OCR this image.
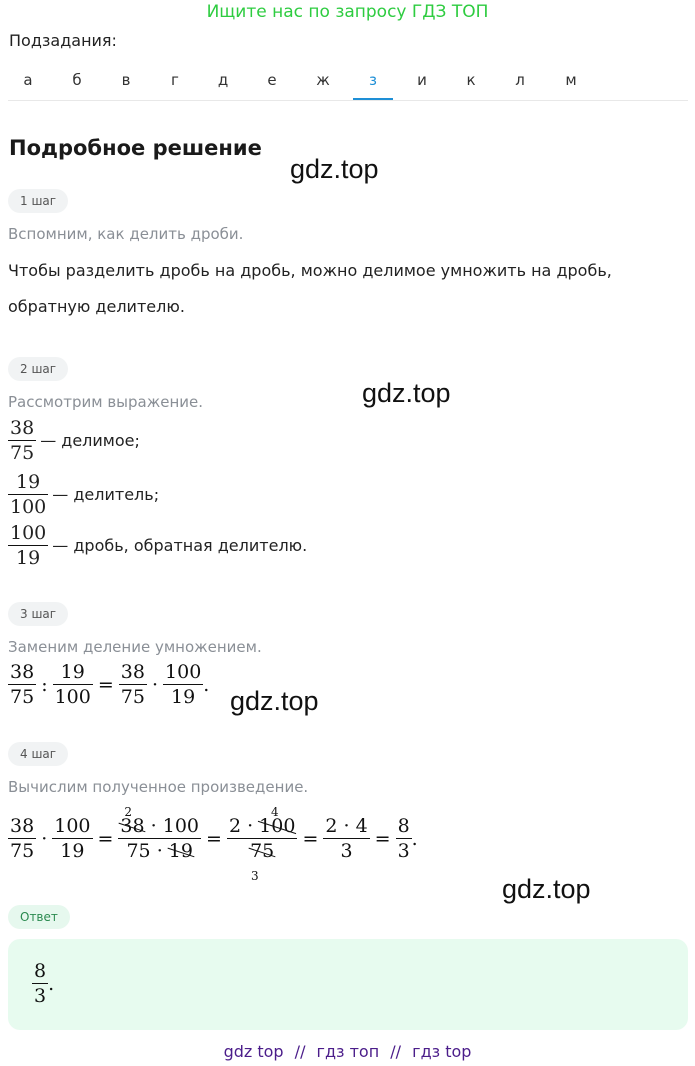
Ищите нас по запросу ГДЗ ТОП
Подзадания:
а	б	в	г	д	е	ж	з	и	к	л	м
Подробное решение
gdz.top
gdz.top
gdz.top
gdz.top
1 шаг
Вспомним, как делить дроби.
Чтобы разделить дробь на дробь, можно делимое умножить на дробь,
обратную делителю.
2 шаг
Рассмотрим выражение.
$\frac{38}{75}$ — делимое;
$\frac{19}{100}$ — делитель;
$\frac{100}{19}$ — дробь, обратная делителю.
3 шаг
Заменим деление умножением.
$\frac{38}{75}$ : $\frac{19}{100} = \frac{38}{75} \cdot \frac{100}{19}$ .
4 шаг
Вычислим полученное произведение.
$\frac{38}{75} \cdot \frac{100}{19}$ =
2
38 · 100
75 · 19
=
4
2 · 100
75
3
= $\frac{2 \cdot 4}{3} = \frac{8}{3}$ .
Ответ
$\frac{8}{3}$ .
gdz top // гдз топ // гдз top
